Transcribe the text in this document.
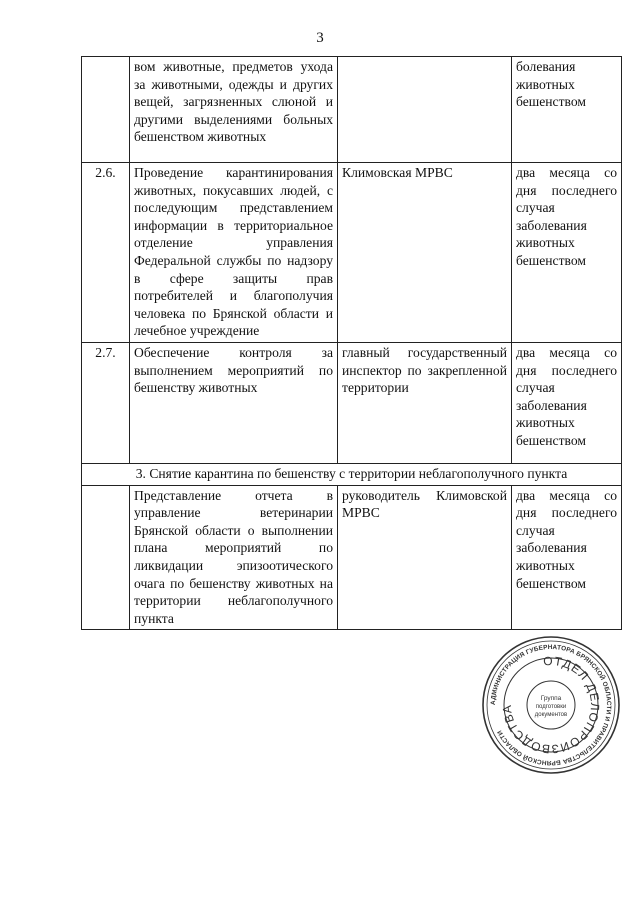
3
	вом животные, предметов ухода за животными, одежды и других вещей, загрязненных слюной и другими выделениями больных бешенством животных		болевания животных бешенством
2.6.	Проведение карантинирования животных, покусавших людей, с последующим представлением информации в территориальное отделение управления Федеральной службы по надзору в сфере защиты прав потребителей и благополучия человека по Брянской области и лечебное учреждение	Климовская МРВС	два месяца со дня последнего случая заболевания животных бешенством
2.7.	Обеспечение контроля за выполнением мероприятий по бешенству животных	главный государственный инспектор по закрепленной территории	два месяца со дня последнего случая заболевания животных бешенством
3. Снятие карантина по бешенству с территории неблагополучного пункта			
	Представление отчета в управление ветеринарии Брянской области о выполнении плана мероприятий по ликвидации эпизоотического очага по бешенству животных на территории неблагополучного пункта	руководитель Климовской МРВС	два месяца со дня последнего случая заболевания животных бешенством
АДМИНИСТРАЦИЯ ГУБЕРНАТОРА БРЯНСКОЙ ОБЛАСТИ И ПРАВИТЕЛЬСТВА БРЯНСКОЙ ОБЛАСТИ
ОТДЕЛ ДЕЛОПРОИЗВОДСТВА
Группа
подготовки
документов
